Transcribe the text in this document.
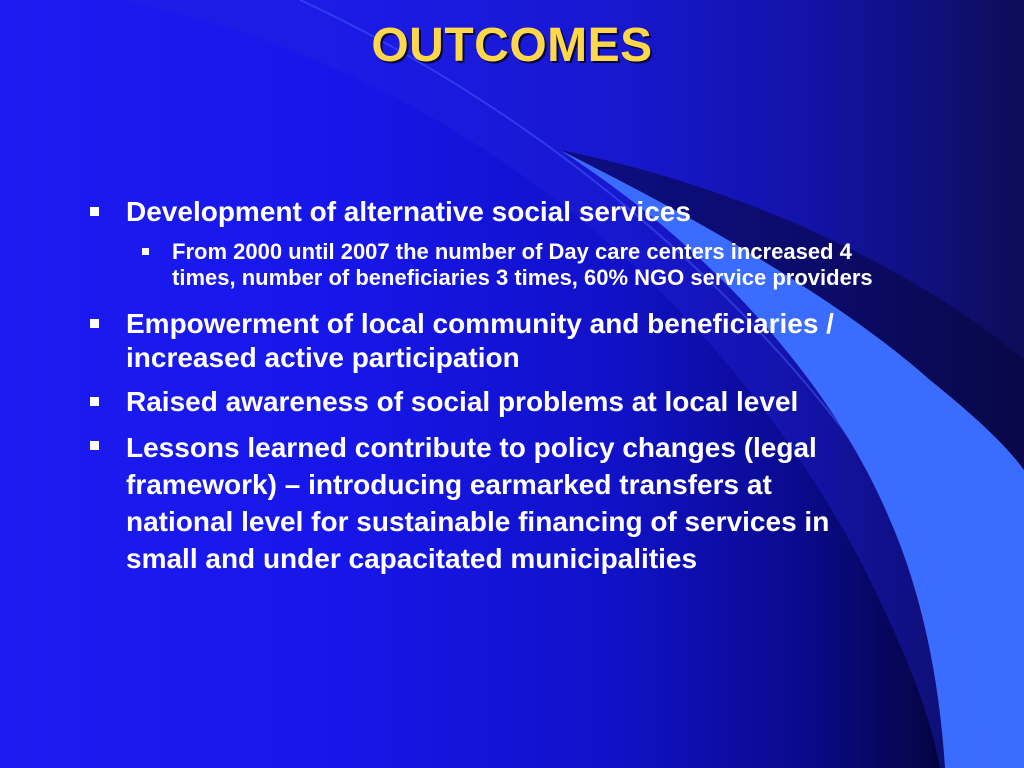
OUTCOMES
Development of alternative social services
From 2000 until 2007 the number of Day care centers increased 4 times, number of beneficiaries 3 times, 60% NGO service providers
Empowerment of local community and beneficiaries / increased active participation
Raised awareness of social problems at local level
Lessons learned contribute to policy changes (legal framework) – introducing earmarked transfers at national level for sustainable financing of services in small and under capacitated municipalities
